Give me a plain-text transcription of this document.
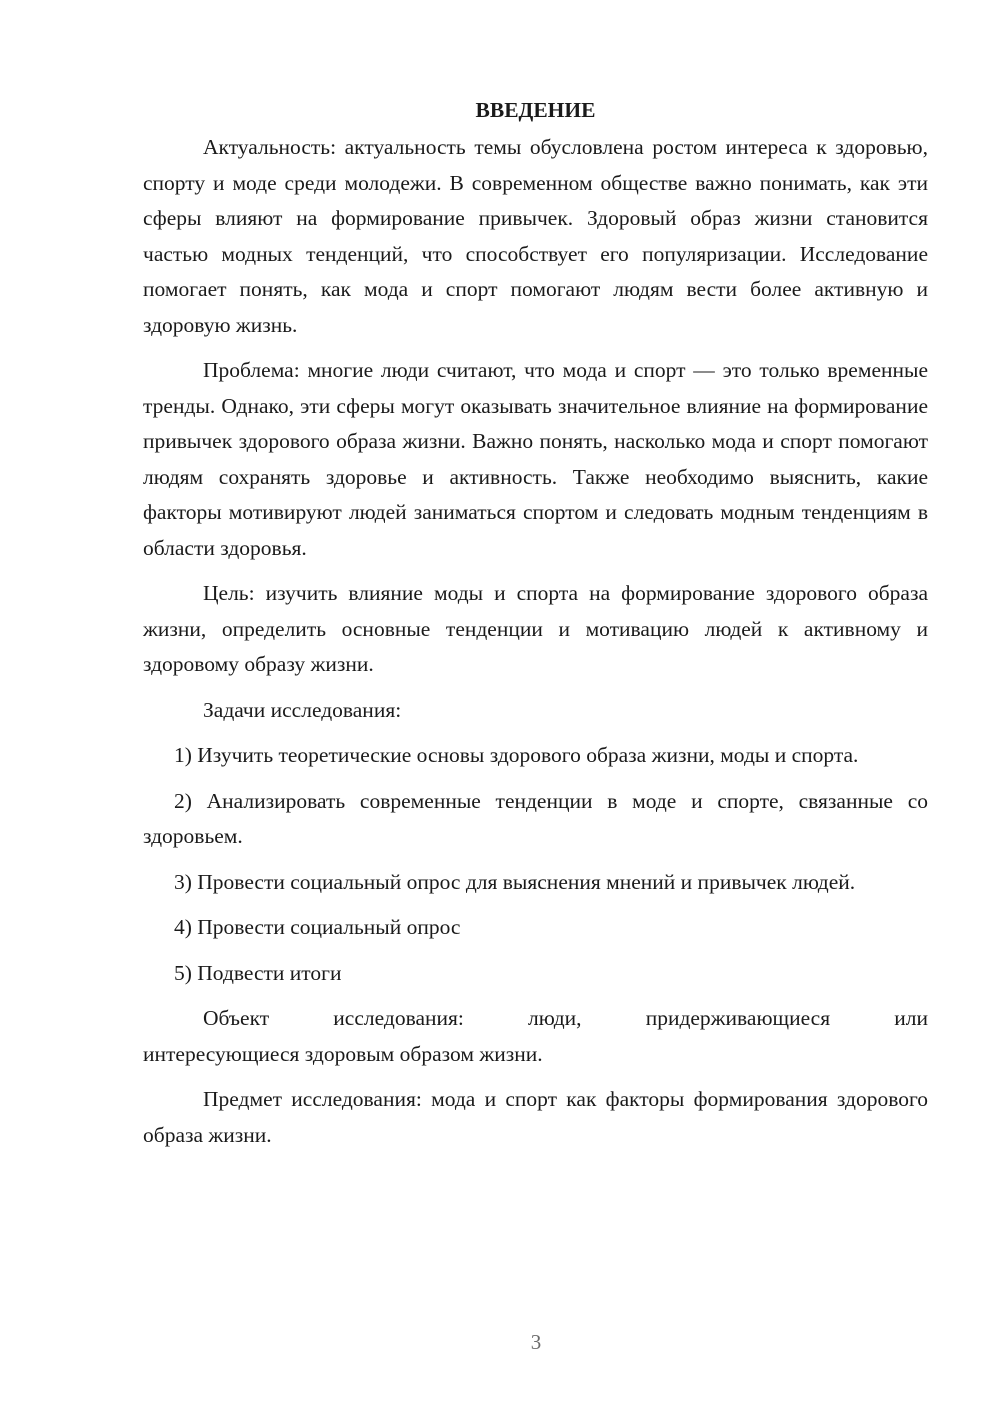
ВВЕДЕНИЕ

Актуальность: актуальность темы обусловлена ростом интереса к здоровью, спорту и моде среди молодежи. В современном обществе важно понимать, как эти сферы влияют на формирование привычек. Здоровый образ жизни становится частью модных тенденций, что способствует его популяризации. Исследование помогает понять, как мода и спорт помогают людям вести более активную и здоровую жизнь.

Проблема: многие люди считают, что мода и спорт — это только временные тренды. Однако, эти сферы могут оказывать значительное влияние на формирование привычек здорового образа жизни. Важно понять, насколько мода и спорт помогают людям сохранять здоровье и активность. Также необходимо выяснить, какие факторы мотивируют людей заниматься спортом и следовать модным тенденциям в области здоровья.

Цель: изучить влияние моды и спорта на формирование здорового образа жизни, определить основные тенденции и мотивацию людей к активному и здоровому образу жизни.

Задачи исследования:

1) Изучить теоретические основы здорового образа жизни, моды и спорта.

2) Анализировать современные тенденции в моде и спорте, связанные со здоровьем.

3) Провести социальный опрос для выяснения мнений и привычек людей.

4) Провести социальный опрос

5) Подвести итоги

Объект исследования: люди, придерживающиеся или
интересующиеся здоровым образом жизни.

Предмет исследования: мода и спорт как факторы формирования здорового образа жизни.

3
